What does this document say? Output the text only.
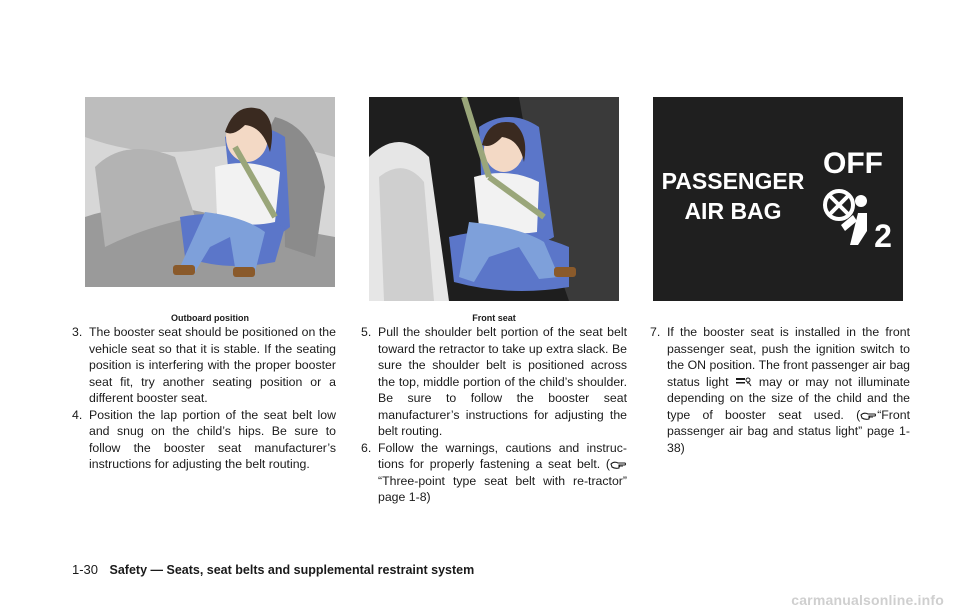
Outboard position	Front seat
PASSENGER
AIR BAG
OFF
2

3. The booster seat should be positioned on the vehicle seat so that it is stable. If the seating position is interfering with the proper booster seat fit, try another seating position or a different booster seat.

4. Position the lap portion of the seat belt low and snug on the child’s hips. Be sure to follow the booster seat manufacturer’s instructions for adjusting the belt routing.

5. Pull the shoulder belt portion of the seat belt toward the retractor to take up extra slack. Be sure the shoulder belt is positioned across the top, middle portion of the child’s shoulder. Be sure to follow the booster seat manufacturer’s instructions for adjusting the belt routing.

6. Follow the warnings, cautions and instruc-tions for properly fastening a seat belt. (“Three-point type seat belt with re-tractor” page 1-8)

7. If the booster seat is installed in the front passenger seat, push the ignition switch to the ON position. The front passenger air bag status light may or may not illuminate depending on the size of the child and the type of booster seat used. ( “Front passenger air bag and status light” page 1-38)

1-30 Safety — Seats, seat belts and supplemental restraint system
carmanualsonline.info
